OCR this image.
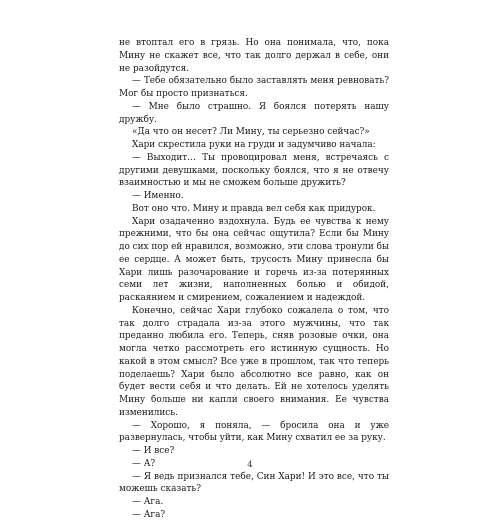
не втоптал его в грязь. Но она понимала, что, пока Мину не скажет все, что так долго держал в себе, они не разойдутся.

— Тебе обязательно было заставлять меня ревновать? Мог бы просто признаться.

— Мне было страшно. Я боялся потерять нашу дружбу.

«Да что он несет? Ли Мину, ты серьезно сейчас?»

Хари скрестила руки на груди и задумчиво начала:

— Выходит… Ты провоцировал меня, встречаясь с другими девушками, поскольку боялся, что я не отвечу взаимностью и мы не сможем больше дружить?

— Именно.

Вот оно что. Мину и правда вел себя как придурок.

Хари озадаченно вздохнула. Будь ее чувства к нему прежними, что бы она сейчас ощутила? Если бы Мину до сих пор ей нравился, возможно, эти слова тронули бы ее сердце. А может быть, трусость Мину принесла бы Хари лишь разочарование и горечь из-за потерянных семи лет жизни, наполненных болью и обидой, раскаянием и смирением, сожалением и надеждой.

Конечно, сейчас Хари глубоко сожалела о том, что так долго страдала из-за этого мужчины, что так преданно любила его. Теперь, сняв розовые очки, она могла четко рассмотреть его истинную сущность. Но какой в этом смысл? Все уже в прошлом, так что теперь поделаешь? Хари было абсолютно все равно, как он будет вести себя и что делать. Ей не хотелось уделять Мину больше ни капли своего внимания. Ее чувства изменились.

— Хорошо, я поняла, — бросила она и уже развернулась, чтобы уйти, как Мину схватил ее за руку.

— И все?

— А?

— Я ведь признался тебе, Син Хари! И это все, что ты можешь сказать?

— Ага.

— Ага?

4
